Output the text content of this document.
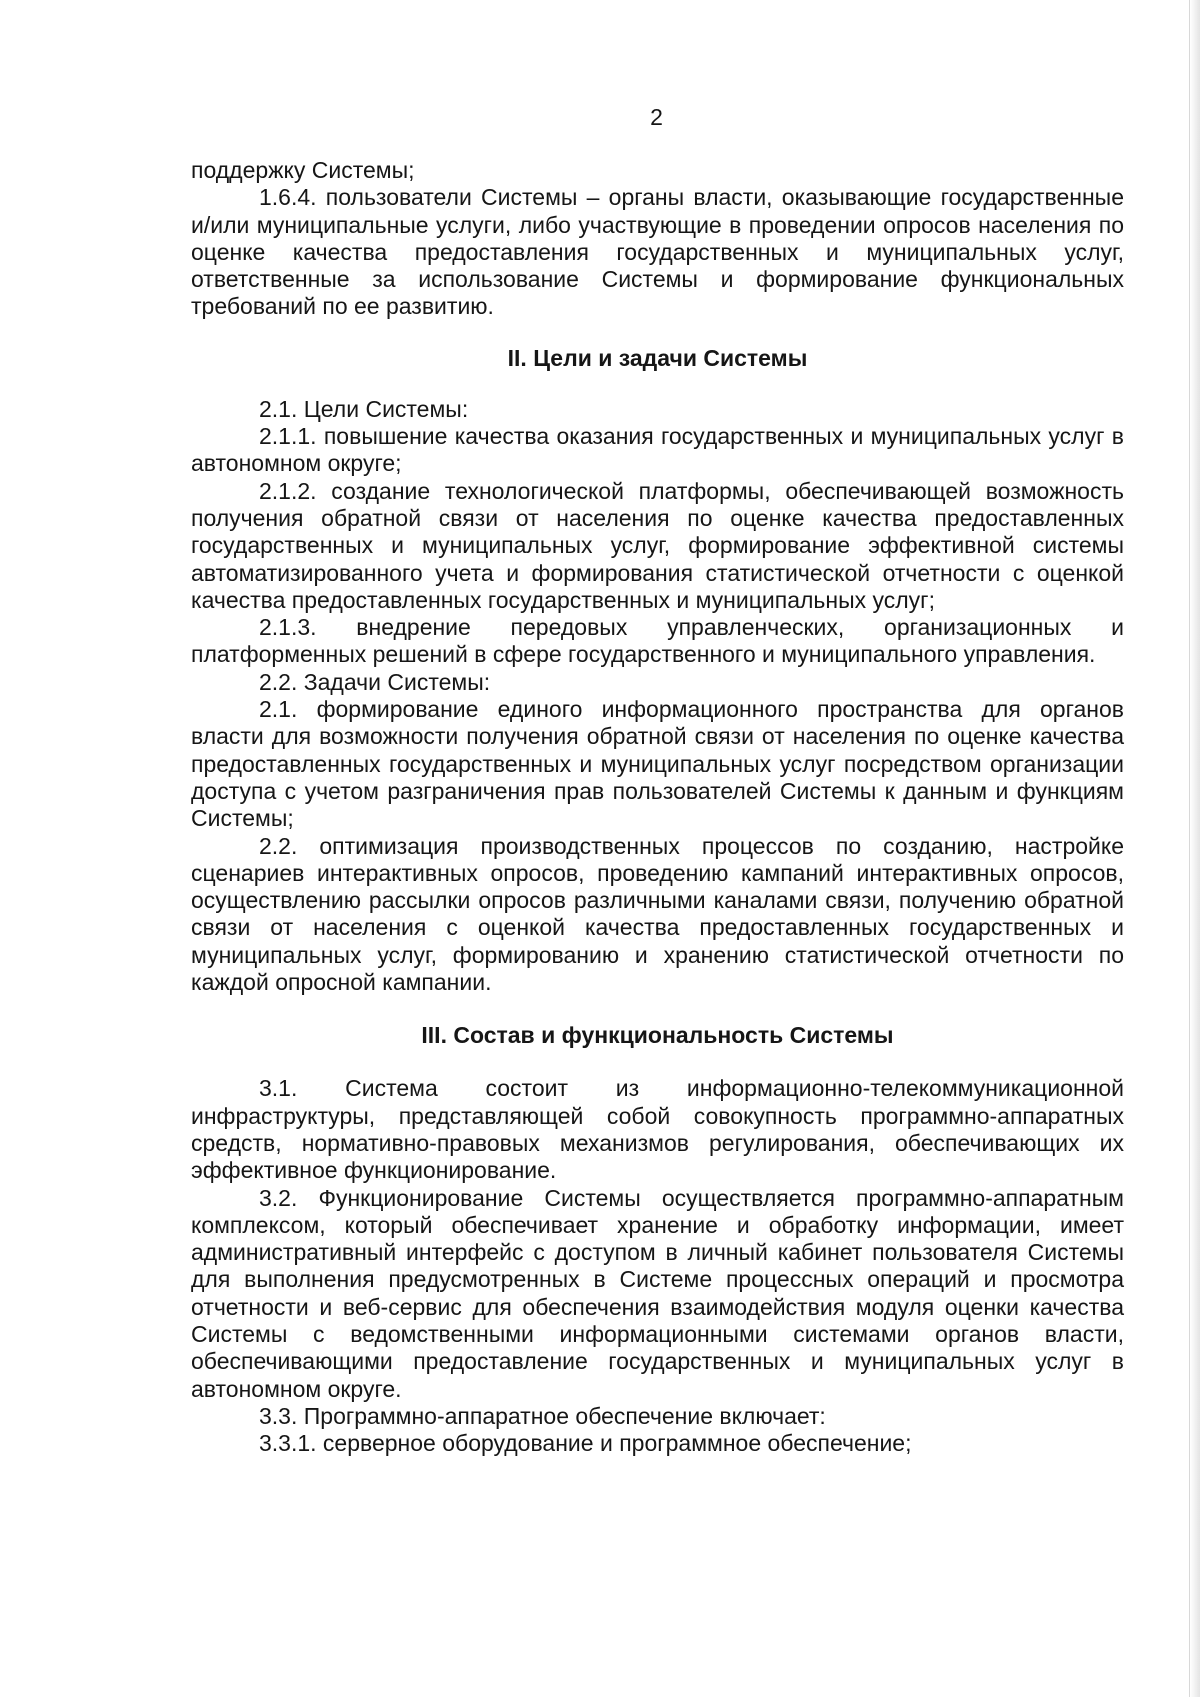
2

поддержку Системы;

1.6.4. пользователи Системы – органы власти, оказывающие государственные и/или муниципальные услуги, либо участвующие в проведении опросов населения по оценке качества предоставления государственных и муниципальных услуг, ответственные за использование Системы и формирование функциональных требований по ее развитию.

II. Цели и задачи Системы

2.1. Цели Системы:

2.1.1. повышение качества оказания государственных и муниципальных услуг в автономном округе;

2.1.2. создание технологической платформы, обеспечивающей возможность получения обратной связи от населения по оценке качества предоставленных государственных и муниципальных услуг, формирование эффективной системы автоматизированного учета и формирования статистической отчетности с оценкой качества предоставленных государственных и муниципальных услуг;

2.1.3. внедрение передовых управленческих, организационных и платформенных решений в сфере государственного и муниципального управления.

2.2. Задачи Системы:

2.1. формирование единого информационного пространства для органов власти для возможности получения обратной связи от населения по оценке качества предоставленных государственных и муниципальных услуг посредством организации доступа с учетом разграничения прав пользователей Системы к данным и функциям Системы;

2.2. оптимизация производственных процессов по созданию, настройке сценариев интерактивных опросов, проведению кампаний интерактивных опросов, осуществлению рассылки опросов различными каналами связи, получению обратной связи от населения с оценкой качества предоставленных государственных и муниципальных услуг, формированию и хранению статистической отчетности по каждой опросной кампании.

III. Состав и функциональность Системы

3.1. Система состоит из информационно-телекоммуникационной инфраструктуры, представляющей собой совокупность программно-аппаратных средств, нормативно-правовых механизмов регулирования, обеспечивающих их эффективное функционирование.

3.2. Функционирование Системы осуществляется программно-аппаратным комплексом, который обеспечивает хранение и обработку информации, имеет административный интерфейс с доступом в личный кабинет пользователя Системы для выполнения предусмотренных в Системе процессных операций и просмотра отчетности и веб-сервис для обеспечения взаимодействия модуля оценки качества Системы с ведомственными информационными системами органов власти, обеспечивающими предоставление государственных и муниципальных услуг в автономном округе.

3.3. Программно-аппаратное обеспечение включает:

3.3.1. серверное оборудование и программное обеспечение;
